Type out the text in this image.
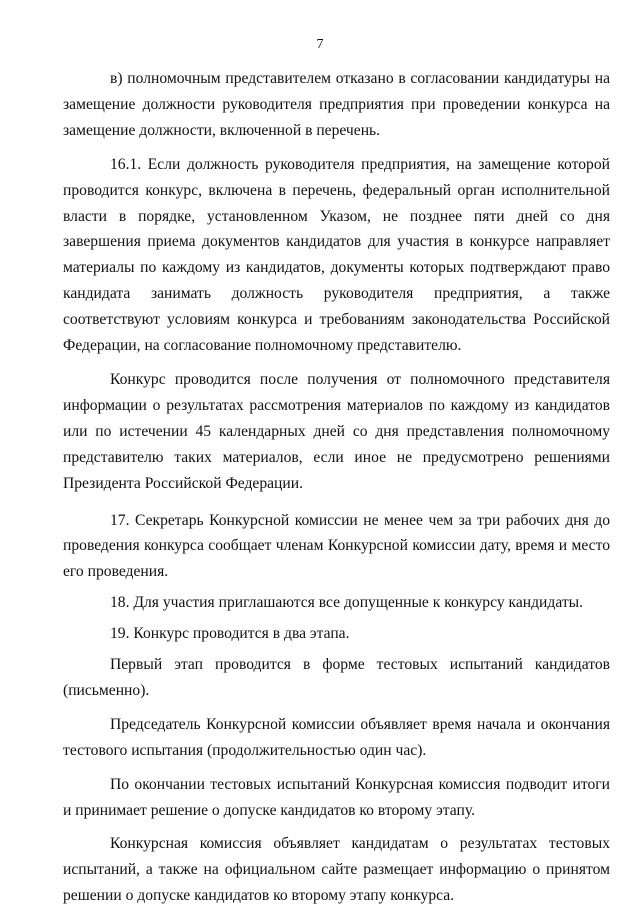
7

в) полномочным представителем отказано в согласовании кандидатуры на замещение должности руководителя предприятия при проведении конкурса на замещение должности, включенной в перечень.

16.1. Если должность руководителя предприятия, на замещение которой проводится конкурс, включена в перечень, федеральный орган исполнительной власти в порядке, установленном Указом, не позднее пяти дней со дня завершения приема документов кандидатов для участия в конкурсе направляет материалы по каждому из кандидатов, документы которых подтверждают право кандидата занимать должность руководителя предприятия, а также соответствуют условиям конкурса и требованиям законодательства Российской Федерации, на согласование полномочному представителю.

Конкурс проводится после получения от полномочного представителя информации о результатах рассмотрения материалов по каждому из кандидатов или по истечении 45 календарных дней со дня представления полномочному представителю таких материалов, если иное не предусмотрено решениями Президента Российской Федерации.

17. Секретарь Конкурсной комиссии не менее чем за три рабочих дня до проведения конкурса сообщает членам Конкурсной комиссии дату, время и место его проведения.

18. Для участия приглашаются все допущенные к конкурсу кандидаты.

19. Конкурс проводится в два этапа.

Первый этап проводится в форме тестовых испытаний кандидатов (письменно).

Председатель Конкурсной комиссии объявляет время начала и окончания тестового испытания (продолжительностью один час).

По окончании тестовых испытаний Конкурсная комиссия подводит итоги и принимает решение о допуске кандидатов ко второму этапу.

Конкурсная комиссия объявляет кандидатам о результатах тестовых испытаний, а также на официальном сайте размещает информацию о принятом решении о допуске кандидатов ко второму этапу конкурса.
